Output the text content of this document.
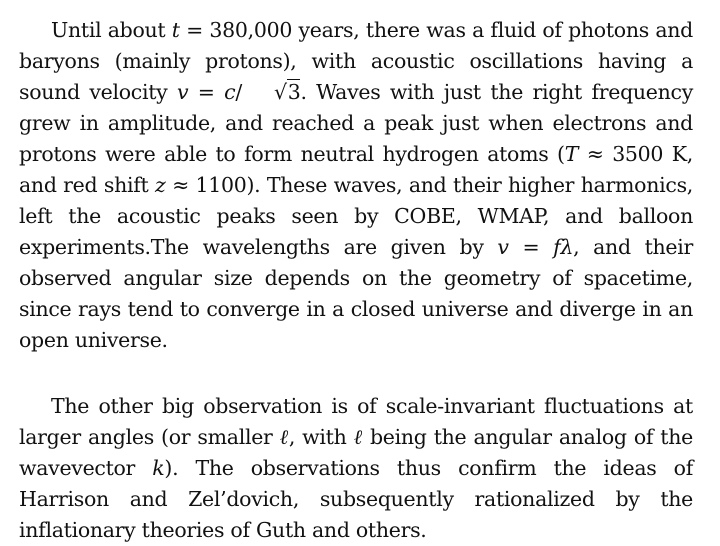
Until about t = 380,000 years, there was a fluid of photons and baryons (mainly protons), with acoustic oscillations having a sound velocity v = c/ √3. Waves with just the right frequency grew in amplitude, and reached a peak just when electrons and protons were able to form neutral hydrogen atoms (T ≈ 3500 K, and red shift z ≈ 1100). These waves, and their higher harmonics, left the acoustic peaks seen by COBE, WMAP, and balloon experiments.The wavelengths are given by v = fλ, and their observed angular size depends on the geometry of spacetime, since rays tend to converge in a closed universe and diverge in an open universe.

The other big observation is of scale-invariant fluctuations at larger angles (or smaller ℓ, with ℓ being the angular analog of the wavevector k). The observations thus confirm the ideas of Harrison and Zel’dovich, subsequently rationalized by the inflationary theories of Guth and others.
